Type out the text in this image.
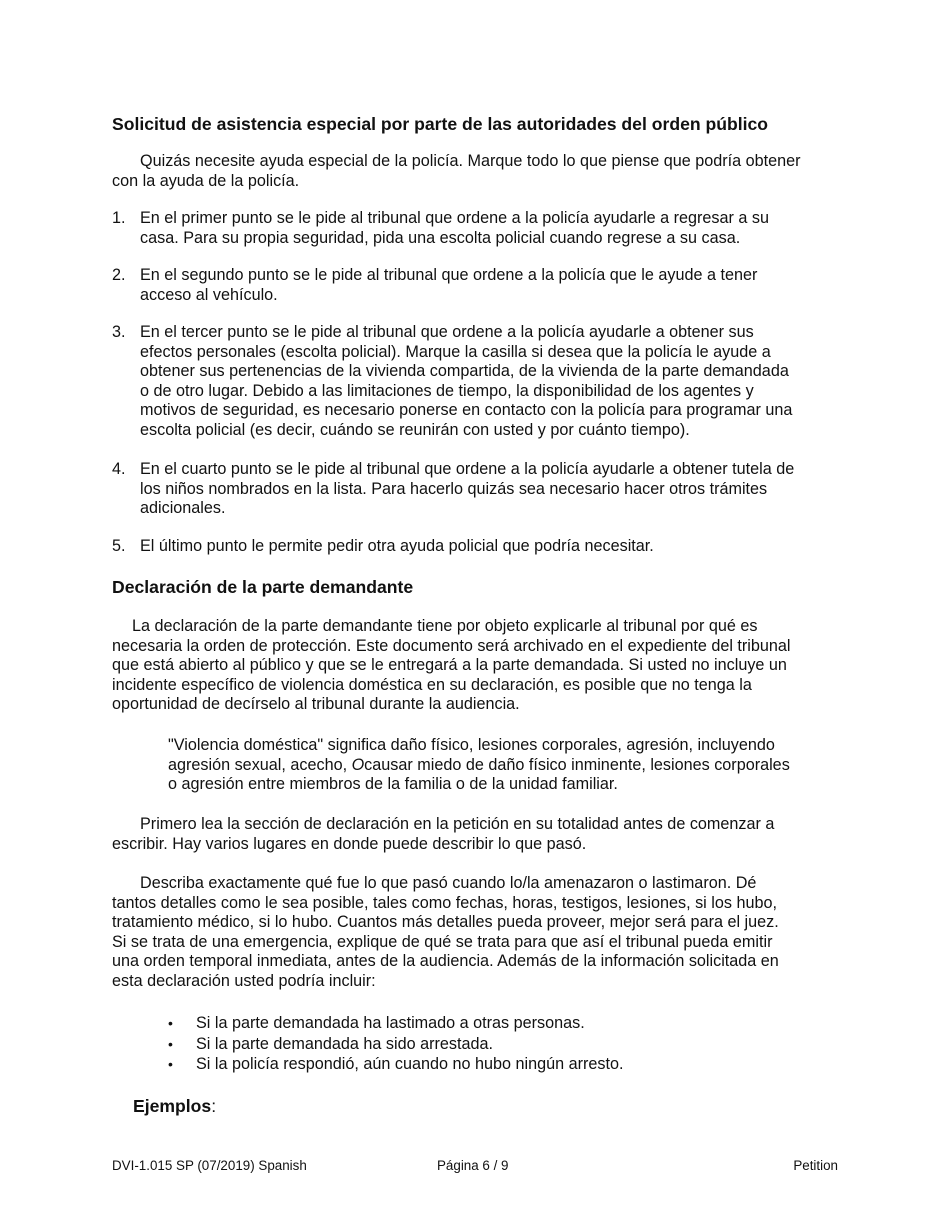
Solicitud de asistencia especial por parte de las autoridades del orden público
Quizás necesite ayuda especial de la policía. Marque todo lo que piense que podría obtener
con la ayuda de la policía.
1. En el primer punto se le pide al tribunal que ordene a la policía ayudarle a regresar a su
casa. Para su propia seguridad, pida una escolta policial cuando regrese a su casa.
2. En el segundo punto se le pide al tribunal que ordene a la policía que le ayude a tener
acceso al vehículo.
3. En el tercer punto se le pide al tribunal que ordene a la policía ayudarle a obtener sus
efectos personales (escolta policial). Marque la casilla si desea que la policía le ayude a
obtener sus pertenencias de la vivienda compartida, de la vivienda de la parte demandada
o de otro lugar. Debido a las limitaciones de tiempo, la disponibilidad de los agentes y
motivos de seguridad, es necesario ponerse en contacto con la policía para programar una
escolta policial (es decir, cuándo se reunirán con usted y por cuánto tiempo).
4. En el cuarto punto se le pide al tribunal que ordene a la policía ayudarle a obtener tutela de
los niños nombrados en la lista. Para hacerlo quizás sea necesario hacer otros trámites
adicionales.
5. El último punto le permite pedir otra ayuda policial que podría necesitar.
Declaración de la parte demandante
La declaración de la parte demandante tiene por objeto explicarle al tribunal por qué es
necesaria la orden de protección. Este documento será archivado en el expediente del tribunal
que está abierto al público y que se le entregará a la parte demandada. Si usted no incluye un
incidente específico de violencia doméstica en su declaración, es posible que no tenga la
oportunidad de decírselo al tribunal durante la audiencia.
"Violencia doméstica" significa daño físico, lesiones corporales, agresión, incluyendo
agresión sexual, acecho, Ocausar miedo de daño físico inminente, lesiones corporales
o agresión entre miembros de la familia o de la unidad familiar.
Primero lea la sección de declaración en la petición en su totalidad antes de comenzar a
escribir. Hay varios lugares en donde puede describir lo que pasó.
Describa exactamente qué fue lo que pasó cuando lo/la amenazaron o lastimaron. Dé
tantos detalles como le sea posible, tales como fechas, horas, testigos, lesiones, si los hubo,
tratamiento médico, si lo hubo. Cuantos más detalles pueda proveer, mejor será para el juez.
Si se trata de una emergencia, explique de qué se trata para que así el tribunal pueda emitir
una orden temporal inmediata, antes de la audiencia. Además de la información solicitada en
esta declaración usted podría incluir:
• Si la parte demandada ha lastimado a otras personas.
• Si la parte demandada ha sido arrestada.
• Si la policía respondió, aún cuando no hubo ningún arresto.
Ejemplos:
DVI-1.015 SP (07/2019) Spanish	Página 6 / 9	Petition
